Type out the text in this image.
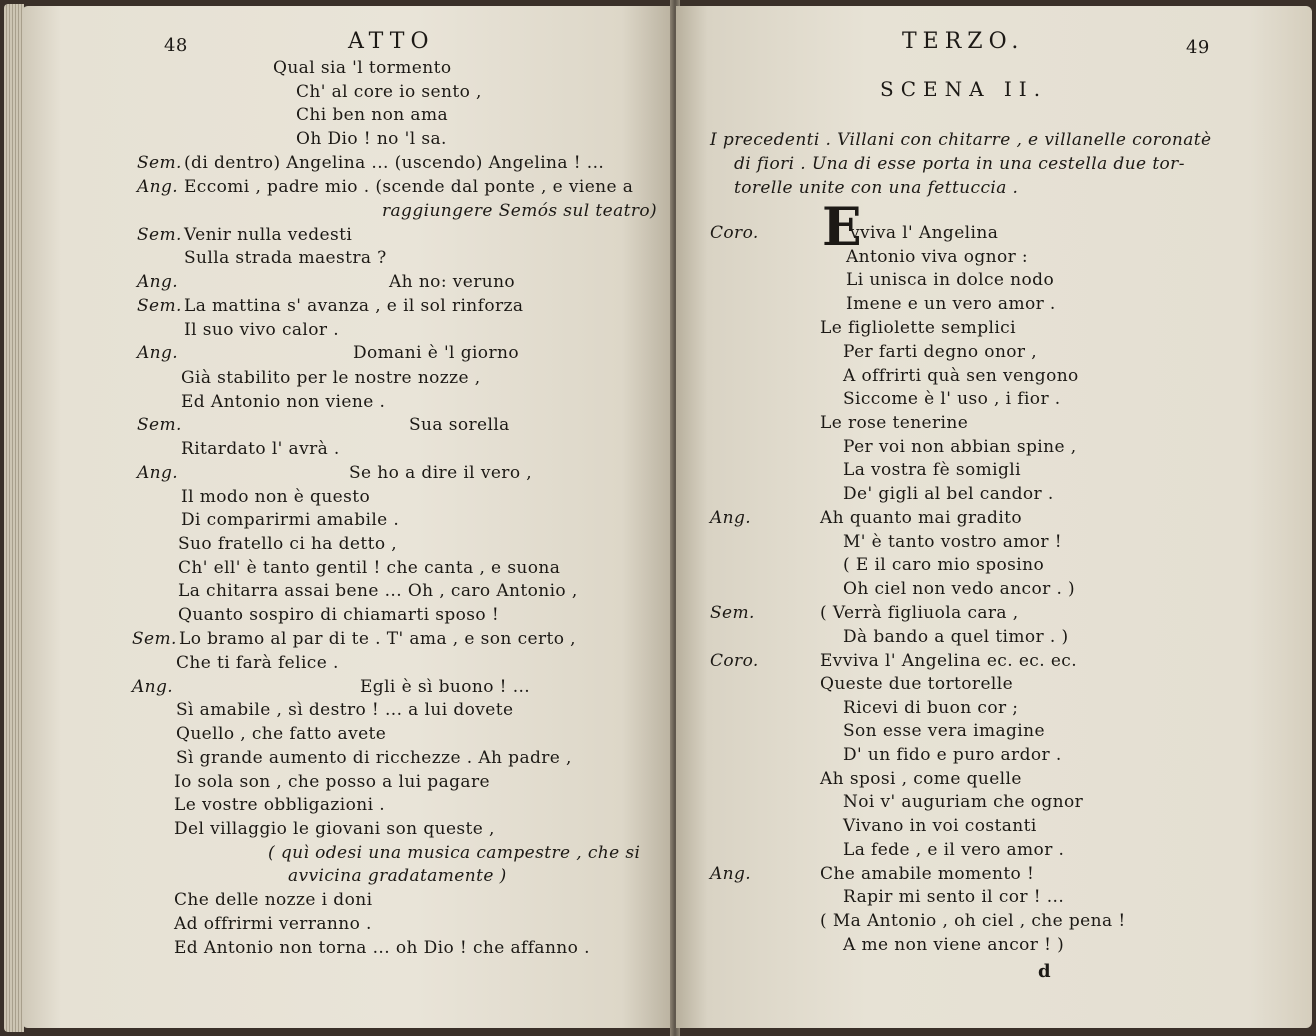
48	ATTO
Qual sia 'l tormento
Ch' al core io sento ,
Chi ben non ama
Oh Dio ! no 'l sa.
Sem. (di dentro) Angelina ... (uscendo) Angelina ! ...
Ang. Eccomi , padre mio . (scende dal ponte , e viene a
raggiungere Semós sul teatro)
Sem. Venir nulla vedesti
Sulla strada maestra ?
Ang.	Ah no: veruno
Sem. La mattina s' avanza , e il sol rinforza
Il suo vivo calor .
Ang.	Domani è 'l giorno
Già stabilito per le nostre nozze ,
Ed Antonio non viene .
Sem.	Sua sorella
Ritardato l' avrà .
Ang.	Se ho a dire il vero ,
Il modo non è questo
Di comparirmi amabile .
Suo fratello ci ha detto ,
Ch' ell' è tanto gentil ! che canta , e suona
La chitarra assai bene ... Oh , caro Antonio ,
Quanto sospiro di chiamarti sposo !
Sem. Lo bramo al par di te . T' ama , e son certo ,
Che ti farà felice .
Ang.	Egli è sì buono ! ...
Sì amabile , sì destro ! ... a lui dovete
Quello , che fatto avete
Sì grande aumento di ricchezze . Ah padre ,
Io sola son , che posso a lui pagare
Le vostre obbligazioni .
Del villaggio le giovani son queste ,
( quì odesi una musica campestre , che si
avvicina gradatamente )
Che delle nozze i doni
Ad offrirmi verranno .
Ed Antonio non torna ... oh Dio ! che affanno .
TERZO.	49
SCENA II.
I precedenti . Villani con chitarre , e villanelle coronatè
di fiori . Una di esse porta in una cestella due tor-
torelle unite con una fettuccia .
E
Coro.	vviva l' Angelina
Antonio viva ognor :
Li unisca in dolce nodo
Imene e un vero amor .
Le figliolette semplici
Per farti degno onor ,
A offrirti quà sen vengono
Siccome è l' uso , i fior .
Le rose tenerine
Per voi non abbian spine ,
La vostra fè somigli
De' gigli al bel candor .
Ang.	Ah quanto mai gradito
M' è tanto vostro amor !
( E il caro mio sposino
Oh ciel non vedo ancor . )
Sem.	( Verrà figliuola cara ,
Dà bando a quel timor . )
Coro.	Evviva l' Angelina ec. ec. ec.
Queste due tortorelle
Ricevi di buon cor ;
Son esse vera imagine
D' un fido e puro ardor .
Ah sposi , come quelle
Noi v' auguriam che ognor
Vivano in voi costanti
La fede , e il vero amor .
Ang.	Che amabile momento !
Rapir mi sento il cor ! ...
( Ma Antonio , oh ciel , che pena !
A me non viene ancor ! )
d
